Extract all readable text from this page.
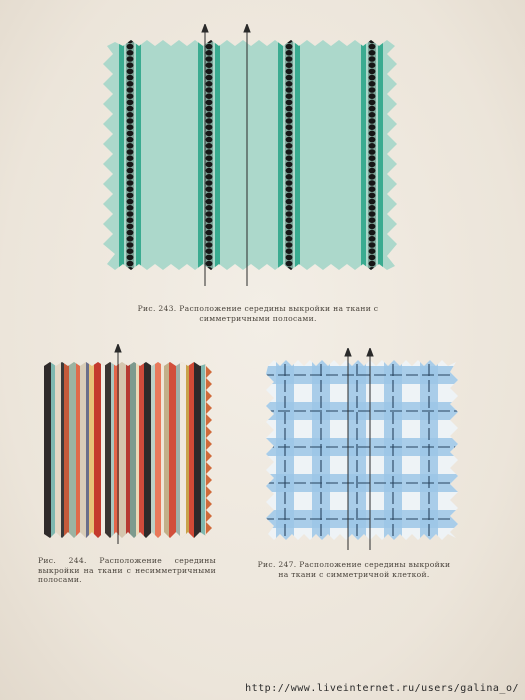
Рис. 243. Расположение середины выкройки на ткани с симметричными полосами.
Рис. 244. Расположение середины выкройки на ткани с несимметричными полосами.
Рис. 247. Расположение середины выкройки на ткани с симметричной клеткой.
http://www.liveinternet.ru/users/galina_o/
